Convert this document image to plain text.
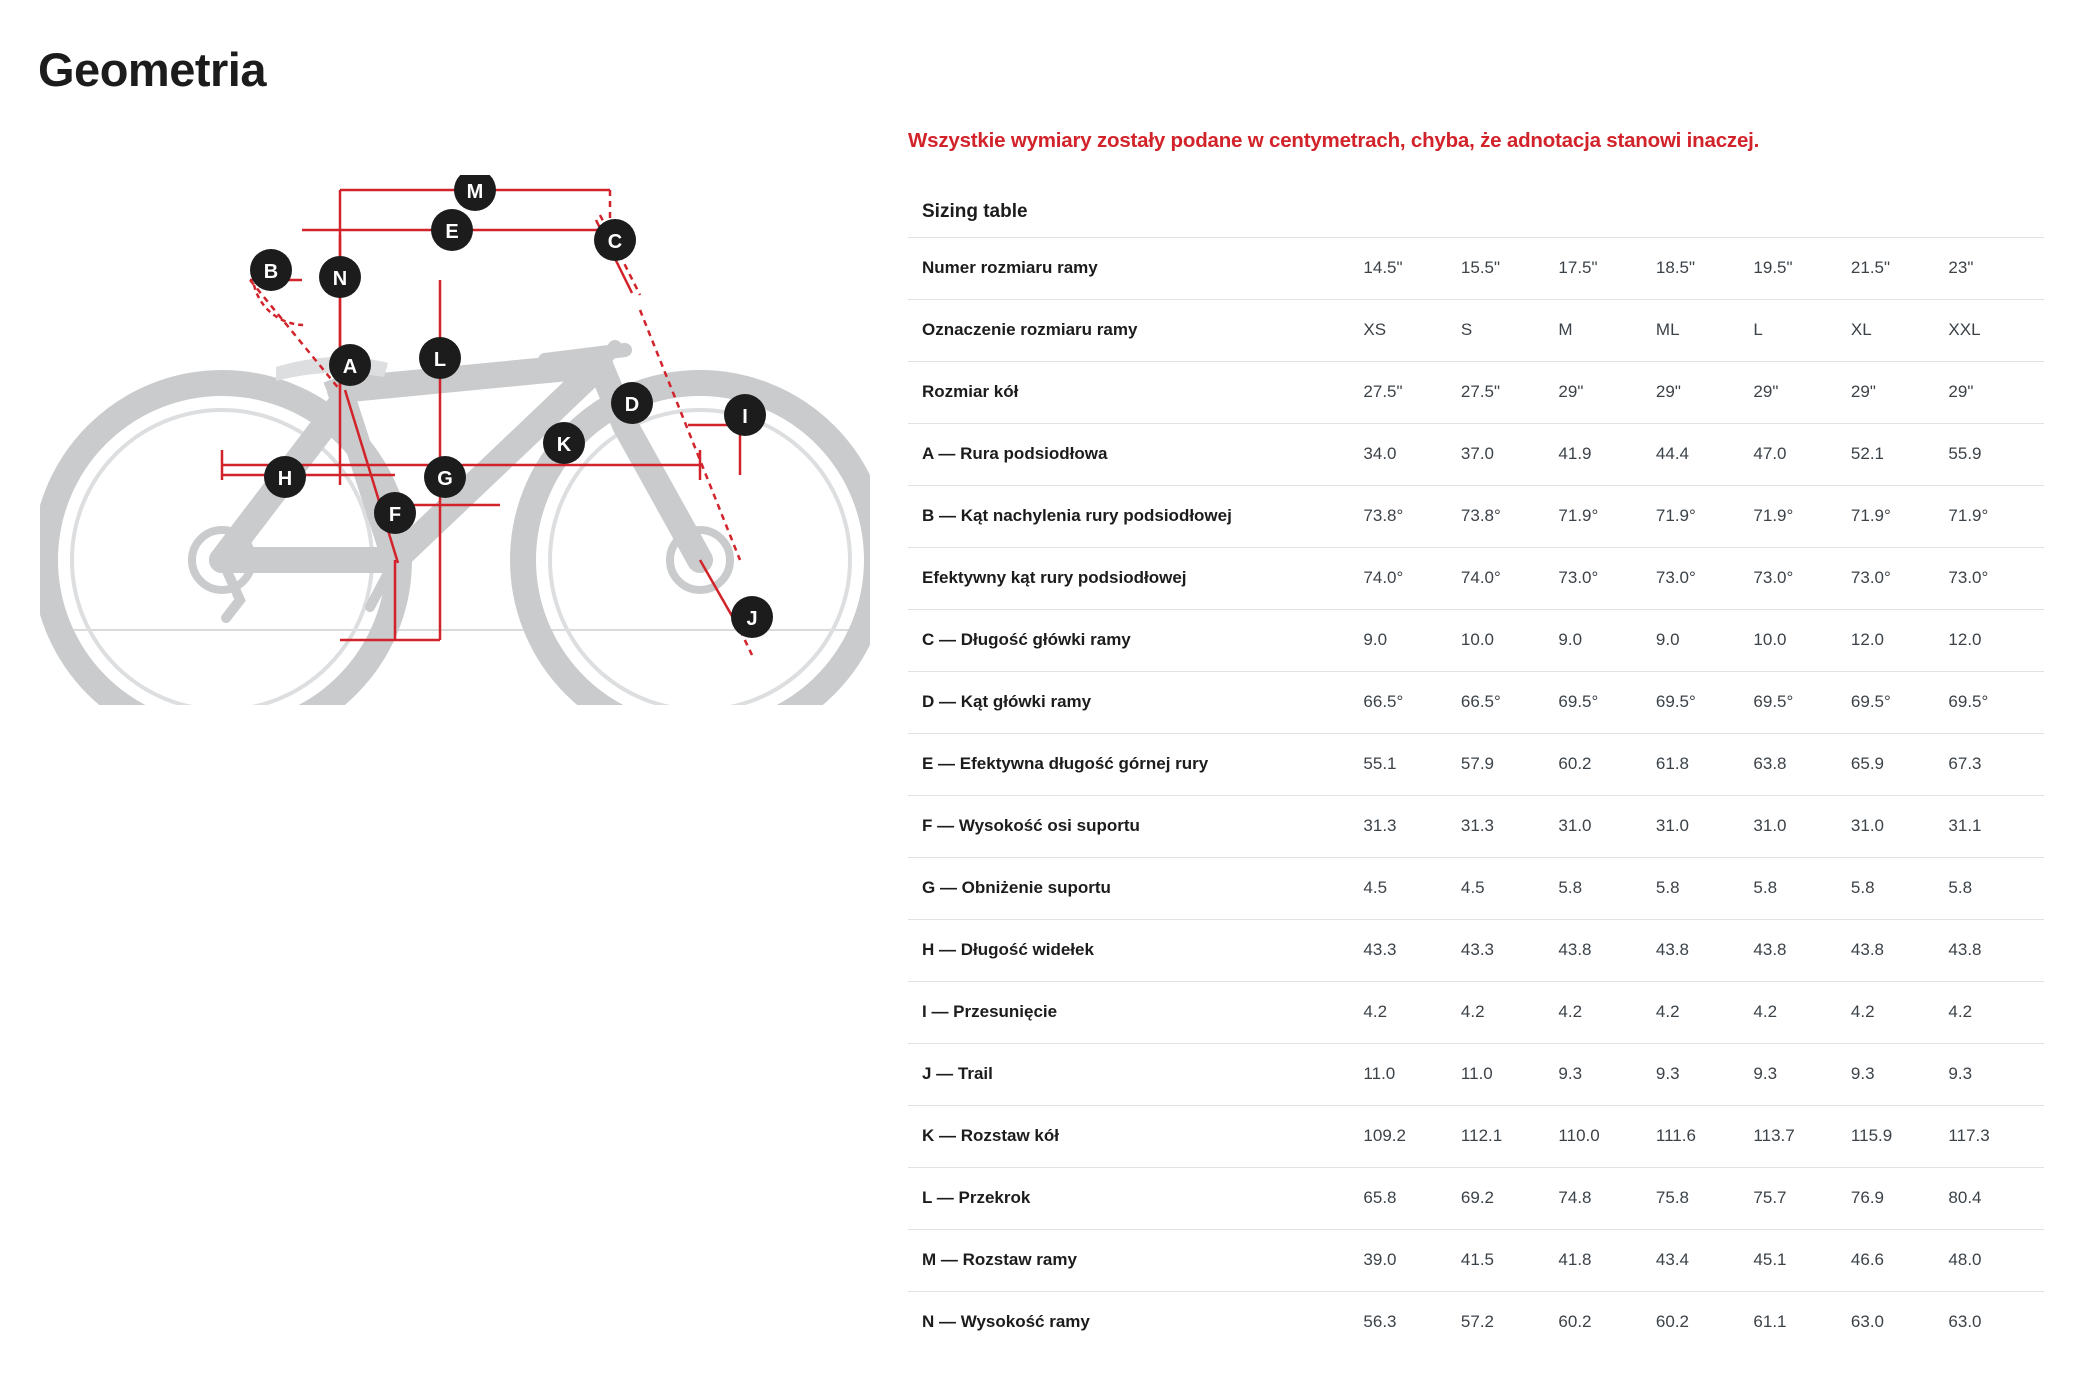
Geometria
M
E	C
B	N
A	L
D
I
K
H	G
F
J

Wszystkie wymiary zostały podane w centymetrach, chyba, że adnotacja stanowi inaczej.

Sizing table
Numer rozmiaru ramy	14.5"	15.5"	17.5"	18.5"	19.5"	21.5"	23"
Oznaczenie rozmiaru ramy	XS	S	M	ML	L	XL	XXL
Rozmiar kół	27.5"	27.5"	29"	29"	29"	29"	29"
A — Rura podsiodłowa	34.0	37.0	41.9	44.4	47.0	52.1	55.9
B — Kąt nachylenia rury podsiodłowej	73.8°	73.8°	71.9°	71.9°	71.9°	71.9°	71.9°
Efektywny kąt rury podsiodłowej	74.0°	74.0°	73.0°	73.0°	73.0°	73.0°	73.0°
C — Długość główki ramy	9.0	10.0	9.0	9.0	10.0	12.0	12.0
D — Kąt główki ramy	66.5°	66.5°	69.5°	69.5°	69.5°	69.5°	69.5°
E — Efektywna długość górnej rury	55.1	57.9	60.2	61.8	63.8	65.9	67.3
F — Wysokość osi suportu	31.3	31.3	31.0	31.0	31.0	31.0	31.1
G — Obniżenie suportu	4.5	4.5	5.8	5.8	5.8	5.8	5.8
H — Długość widełek	43.3	43.3	43.8	43.8	43.8	43.8	43.8
I — Przesunięcie	4.2	4.2	4.2	4.2	4.2	4.2	4.2
J — Trail	11.0	11.0	9.3	9.3	9.3	9.3	9.3
K — Rozstaw kół	109.2	112.1	110.0	111.6	113.7	115.9	117.3
L — Przekrok	65.8	69.2	74.8	75.8	75.7	76.9	80.4
M — Rozstaw ramy	39.0	41.5	41.8	43.4	45.1	46.6	48.0
N — Wysokość ramy	56.3	57.2	60.2	60.2	61.1	63.0	63.0
